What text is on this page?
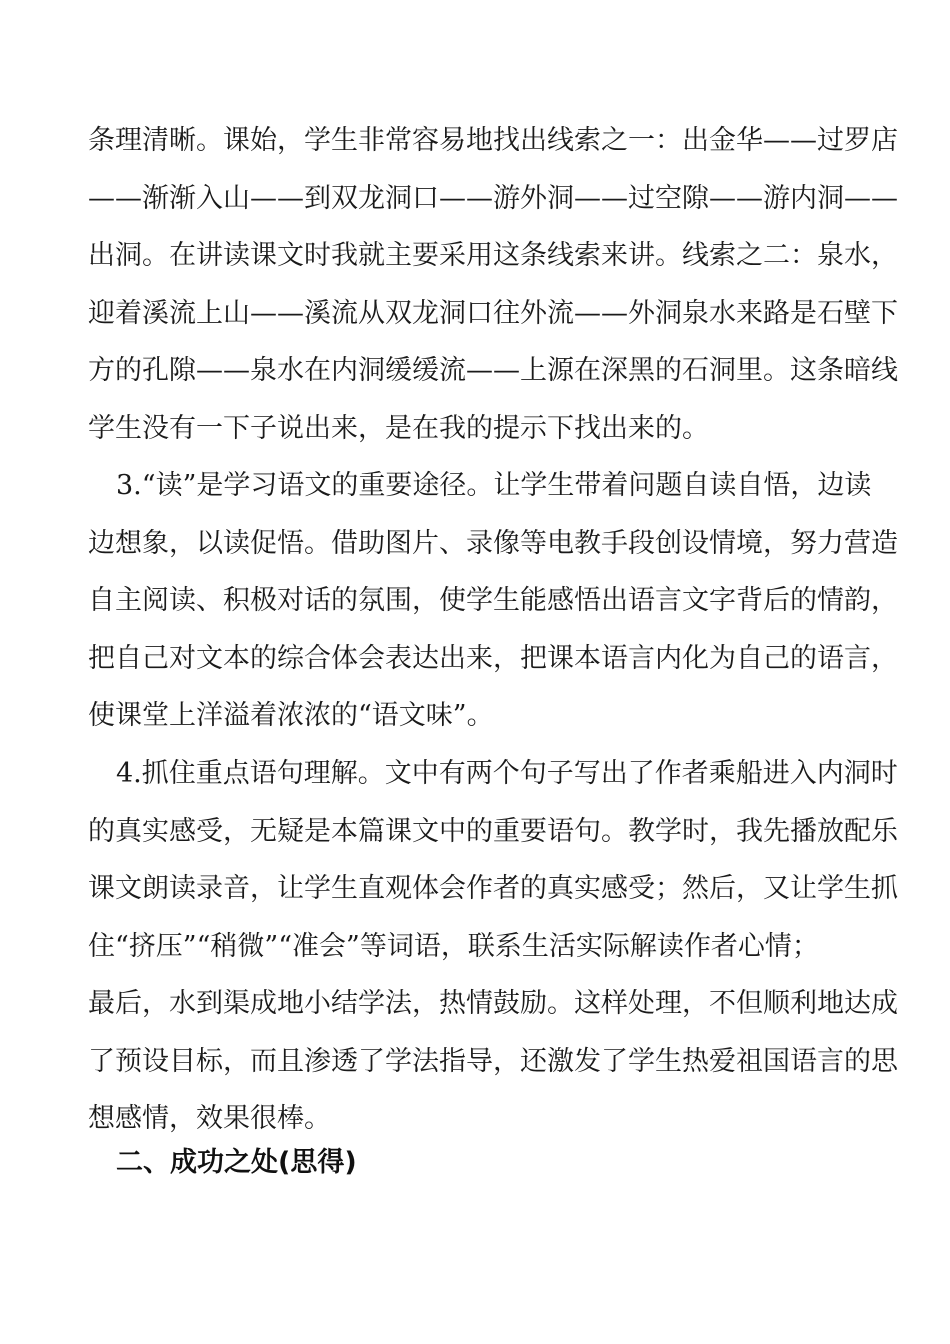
条理清晰。课始，学生非常容易地找出线索之一：出金华——过罗店
——渐渐入山——到双龙洞口——游外洞——过空隙——游内洞——
出洞。在讲读课文时我就主要采用这条线索来讲。线索之二：泉水，
迎着溪流上山——溪流从双龙洞口往外流——外洞泉水来路是石壁下
方的孔隙——泉水在内洞缓缓流——上源在深黑的石洞里。这条暗线
学生没有一下子说出来，是在我的提示下找出来的。
3.“读”是学习语文的重要途径。让学生带着问题自读自悟，边读
边想象，以读促悟。借助图片、录像等电教手段创设情境，努力营造
自主阅读、积极对话的氛围，使学生能感悟出语言文字背后的情韵，
把自己对文本的综合体会表达出来，把课本语言内化为自己的语言，
使课堂上洋溢着浓浓的“语文味”。
4.抓住重点语句理解。文中有两个句子写出了作者乘船进入内洞时
的真实感受，无疑是本篇课文中的重要语句。教学时，我先播放配乐
课文朗读录音，让学生直观体会作者的真实感受；然后，又让学生抓
住“挤压”“稍微”“准会”等词语，联系生活实际解读作者心情；
最后，水到渠成地小结学法，热情鼓励。这样处理，不但顺利地达成
了预设目标，而且渗透了学法指导，还激发了学生热爱祖国语言的思
想感情，效果很棒。
二、成功之处(思得)
